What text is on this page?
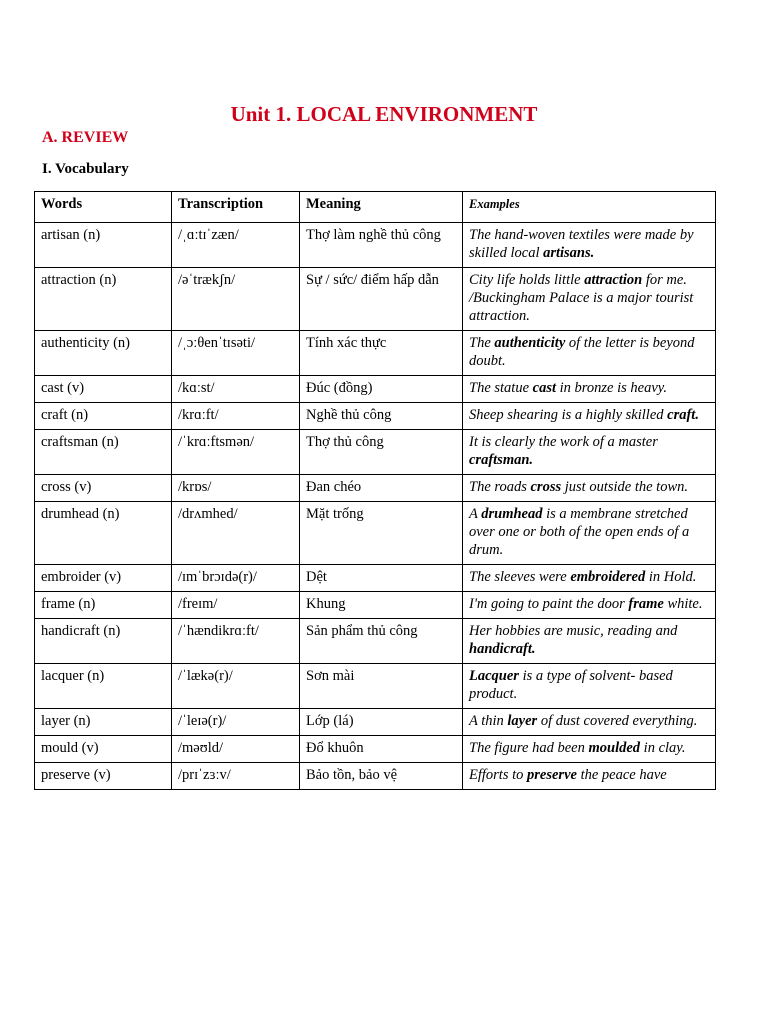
Unit 1. LOCAL ENVIRONMENT
A. REVIEW
I. Vocabulary
Words	Transcription	Meaning	Examples
artisan (n)	/ˌɑːtɪˈzæn/	Thợ làm nghề thủ công	The hand-woven textiles were made by skilled local artisans.
attraction (n)	/əˈtrækʃn/	Sự / sức/ điểm hấp dẫn	City life holds little attraction for me. /Buckingham Palace is a major tourist attraction.
authenticity (n)	/ˌɔːθenˈtɪsəti/	Tính xác thực	The authenticity of the letter is beyond doubt.
cast (v)	/kɑːst/	Đúc (đồng)	The statue cast in bronze is heavy.
craft (n)	/krɑːft/	Nghề thủ công	Sheep shearing is a highly skilled craft.
craftsman (n)	/ˈkrɑːftsmən/	Thợ thủ công	It is clearly the work of a master craftsman.
cross (v)	/krɒs/	Đan chéo	The roads cross just outside the town.
drumhead (n)	/drʌmhed/	Mặt trống	A drumhead is a membrane stretched over one or both of the open ends of a drum.
embroider (v)	/ɪmˈbrɔɪdə(r)/	Dệt	The sleeves were embroidered in Hold.
frame (n)	/freɪm/	Khung	I'm going to paint the door frame white.
handicraft (n)	/ˈhændikrɑːft/	Sản phẩm thủ công	Her hobbies are music, reading and handicraft.
lacquer (n)	/ˈlækə(r)/	Sơn mài	Lacquer is a type of solvent- based product.
layer (n)	/ˈleɪə(r)/	Lớp (lá)	A thin layer of dust covered everything.
mould (v)	/məʊld/	Đổ khuôn	The figure had been moulded in clay.
preserve (v)	/prɪˈzɜːv/	Bảo tồn, bảo vệ	Efforts to preserve the peace have
